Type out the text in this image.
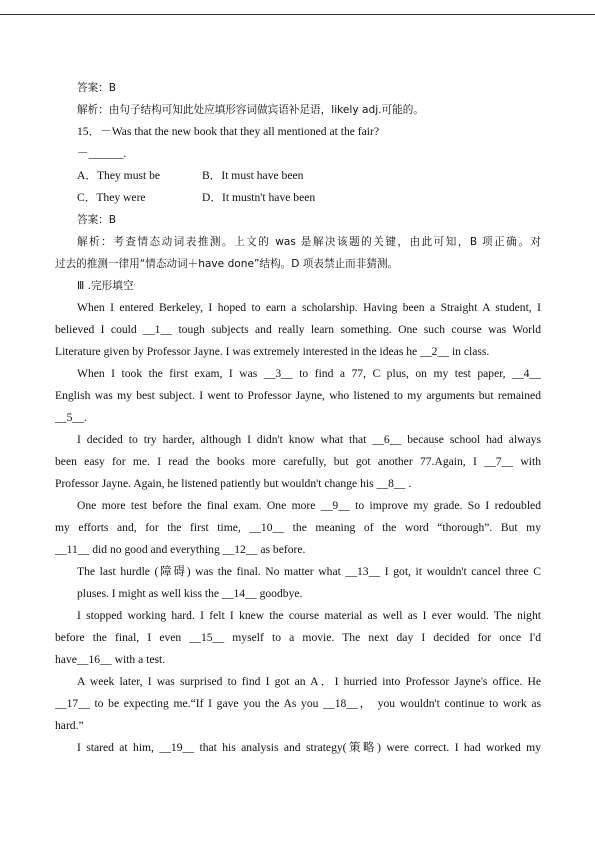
答案：B
解析：由句子结构可知此处应填形容词做宾语补足语，likely adj.可能的。
15．－Was that the new book that they all mentioned at the fair?
－______.
A．They must be	B．It must have been
C．They were	D．It mustn't have been
答案：B
解析：考查情态动词表推测。上文的 was 是解决该题的关键，由此可知，B 项正确。对
过去的推测一律用“情态动词＋have done”结构。D 项表禁止而非猜测。
Ⅲ .完形填空
When I entered Berkeley, I hoped to earn a scholarship. Having been a Straight A student, I
believed I could __1__ tough subjects and really learn something. One such course was World
Literature given by Professor Jayne. I was extremely interested in the ideas he __2__ in class.
When I took the first exam, I was __3__ to find a 77, C plus, on my test paper, __4__
English was my best subject. I went to Professor Jayne, who listened to my arguments but remained
__5__.
I decided to try harder, although I didn't know what that __6__ because school had always
been easy for me. I read the books more carefully, but got another 77.Again, I __7__ with
Professor Jayne. Again, he listened patiently but wouldn't change his __8__ .
One more test before the final exam. One more __9__ to improve my grade. So I redoubled
my efforts and, for the first time, __10__ the meaning of the word “thorough”. But my
__11__ did no good and everything __12__ as before.
The last hurdle (障碍) was the final. No matter what __13__ I got, it wouldn't cancel three C
pluses. I might as well kiss the __14__ goodbye.
I stopped working hard. I felt I knew the course material as well as I ever would. The night
before the final, I even __15__ myself to a movie. The next day I decided for once I'd
have__16__ with a test.
A week later, I was surprised to find I got an A．I hurried into Professor Jayne's office. He
__17__ to be expecting me.“If I gave you the As you __18__， you wouldn't continue to work as
hard.”
I stared at him, __19__ that his analysis and strategy(策略) were correct. I had worked my
